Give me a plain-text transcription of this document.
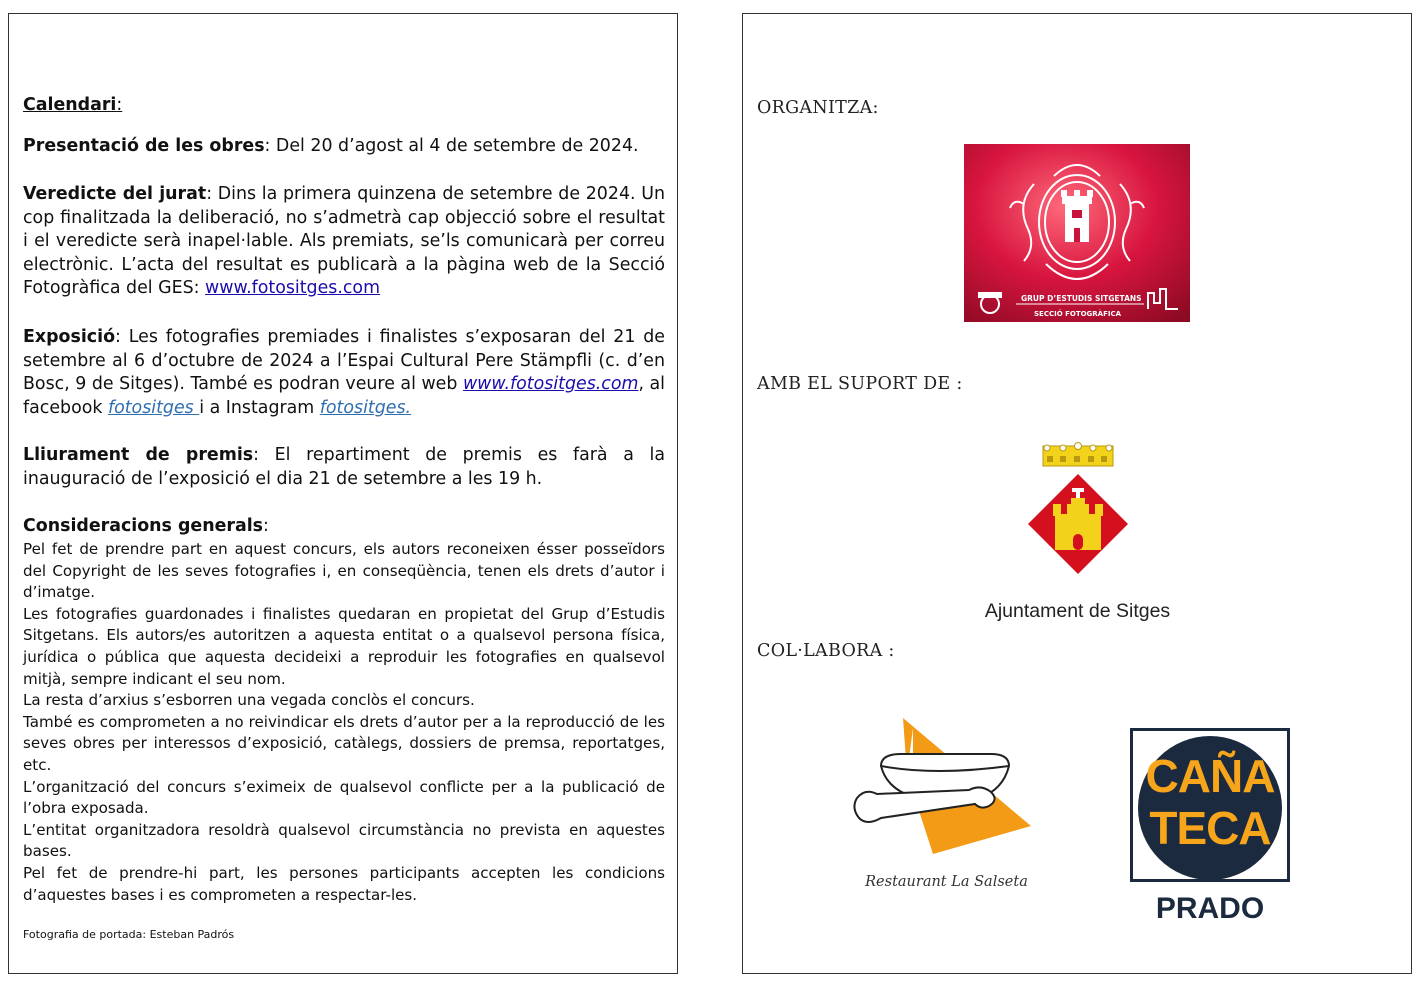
Calendari:
Presentació de les obres: Del 20 d’agost al 4 de setembre de 2024.
Veredicte del jurat: Dins la primera quinzena de setembre de 2024. Un cop finalitzada la deliberació, no s’admetrà cap objecció sobre el resultat i el veredicte serà inapel·lable. Als premiats, se’ls comunicarà per correu electrònic. L’acta del resultat es publicarà a la pàgina web de la Secció Fotogràfica del GES: www.fotositges.com
Exposició: Les fotografies premiades i finalistes s’exposaran del 21 de setembre al 6 d’octubre de 2024 a l’Espai Cultural Pere Stämpfli (c. d’en Bosc, 9 de Sitges). També es podran veure al web www.fotositges.com, al facebook fotositges i a Instagram fotositges.
Lliurament de premis: El repartiment de premis es farà a la inauguració de l’exposició el dia 21 de setembre a les 19 h.
Consideracions generals:
Pel fet de prendre part en aquest concurs, els autors reconeixen ésser posseïdors del Copyright de les seves fotografies i, en conseqüència, tenen els drets d’autor i d’imatge.
Les fotografies guardonades i finalistes quedaran en propietat del Grup d’Estudis Sitgetans. Els autors/es autoritzen a aquesta entitat o a qualsevol persona física, jurídica o pública que aquesta decideixi a reproduir les fotografies en qualsevol mitjà, sempre indicant el seu nom.
La resta d’arxius s’esborren una vegada conclòs el concurs.
També es comprometen a no reivindicar els drets d’autor per a la reproducció de les seves obres per interessos d’exposició, catàlegs, dossiers de premsa, reportatges, etc.
L’organització del concurs s’eximeix de qualsevol conflicte per a la publicació de l’obra exposada.
L’entitat organitzadora resoldrà qualsevol circumstància no prevista en aquestes bases.
Pel fet de prendre-hi part, les persones participants accepten les condicions d’aquestes bases i es comprometen a respectar-les.
Fotografia de portada: Esteban Padrós
ORGANITZA:
GRUP D’ESTUDIS SITGETANS
SECCIÓ FOTOGRÀFICA
AMB EL SUPORT DE :
Ajuntament de Sitges
COL·LABORA :
Restaurant La Salseta
CAÑA
TECA
PRADO
